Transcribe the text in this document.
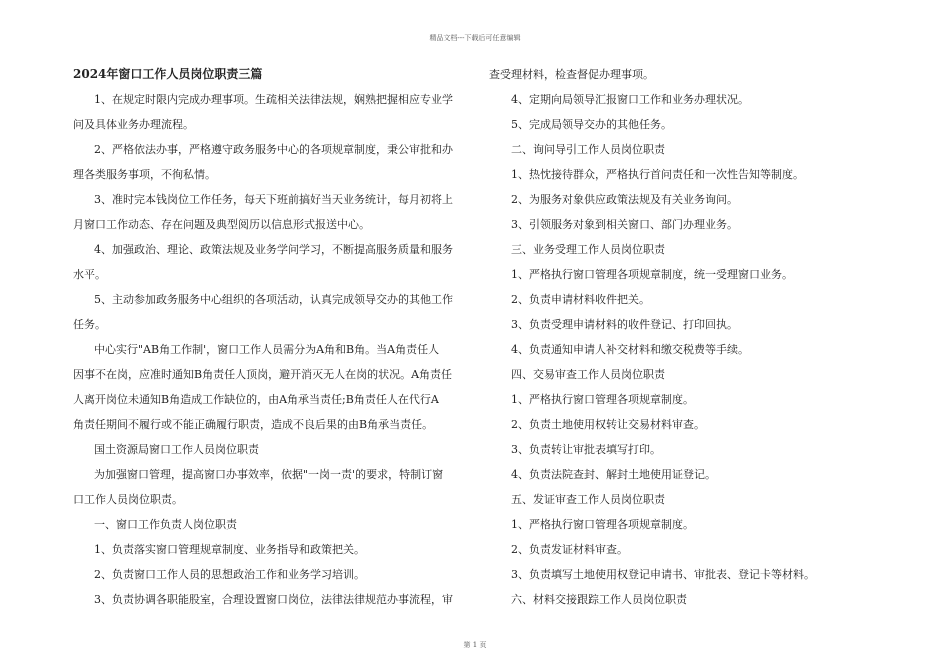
精品文档---下载后可任意编辑

2024年窗口工作人员岗位职责三篇

1、在规定时限内完成办理事项。生疏相关法律法规，娴熟把握相应专业学

问及具体业务办理流程。

2、严格依法办事，严格遵守政务服务中心的各项规章制度，秉公审批和办

理各类服务事项，不徇私情。

3、准时完本钱岗位工作任务，每天下班前搞好当天业务统计，每月初将上

月窗口工作动态、存在问题及典型阅历以信息形式报送中心。

4、加强政治、理论、政策法规及业务学问学习，不断提高服务质量和服务

水平。

5、主动参加政务服务中心组织的各项活动，认真完成领导交办的其他工作

任务。

中心实行"AB角工作制'，窗口工作人员需分为A角和B角。当A角责任人

因事不在岗，应准时通知B角责任人顶岗，避开消灭无人在岗的状况。A角责任

人离开岗位未通知B角造成工作缺位的，由A角承当责任;B角责任人在代行A

角责任期间不履行或不能正确履行职责，造成不良后果的由B角承当责任。

国土资源局窗口工作人员岗位职责

为加强窗口管理，提高窗口办事效率，依据"一岗一责'的要求，特制订窗

口工作人员岗位职责。

一、窗口工作负责人岗位职责

1、负责落实窗口管理规章制度、业务指导和政策把关。

2、负责窗口工作人员的思想政治工作和业务学习培训。

3、负责协调各职能股室，合理设置窗口岗位，法律法律规范办事流程，审

查受理材料，检查督促办理事项。

4、定期向局领导汇报窗口工作和业务办理状况。

5、完成局领导交办的其他任务。

二、询问导引工作人员岗位职责

1、热忱接待群众，严格执行首问责任和一次性告知等制度。

2、为服务对象供应政策法规及有关业务询问。

3、引领服务对象到相关窗口、部门办理业务。

三、业务受理工作人员岗位职责

1、严格执行窗口管理各项规章制度，统一受理窗口业务。

2、负责申请材料收件把关。

3、负责受理申请材料的收件登记、打印回执。

4、负责通知申请人补交材料和缴交税费等手续。

四、交易审查工作人员岗位职责

1、严格执行窗口管理各项规章制度。

2、负责土地使用权转让交易材料审查。

3、负责转让审批表填写打印。

4、负责法院查封、解封土地使用证登记。

五、发证审查工作人员岗位职责

1、严格执行窗口管理各项规章制度。

2、负责发证材料审查。

3、负责填写土地使用权登记申请书、审批表、登记卡等材料。

六、材料交接跟踪工作人员岗位职责

第 1 页
